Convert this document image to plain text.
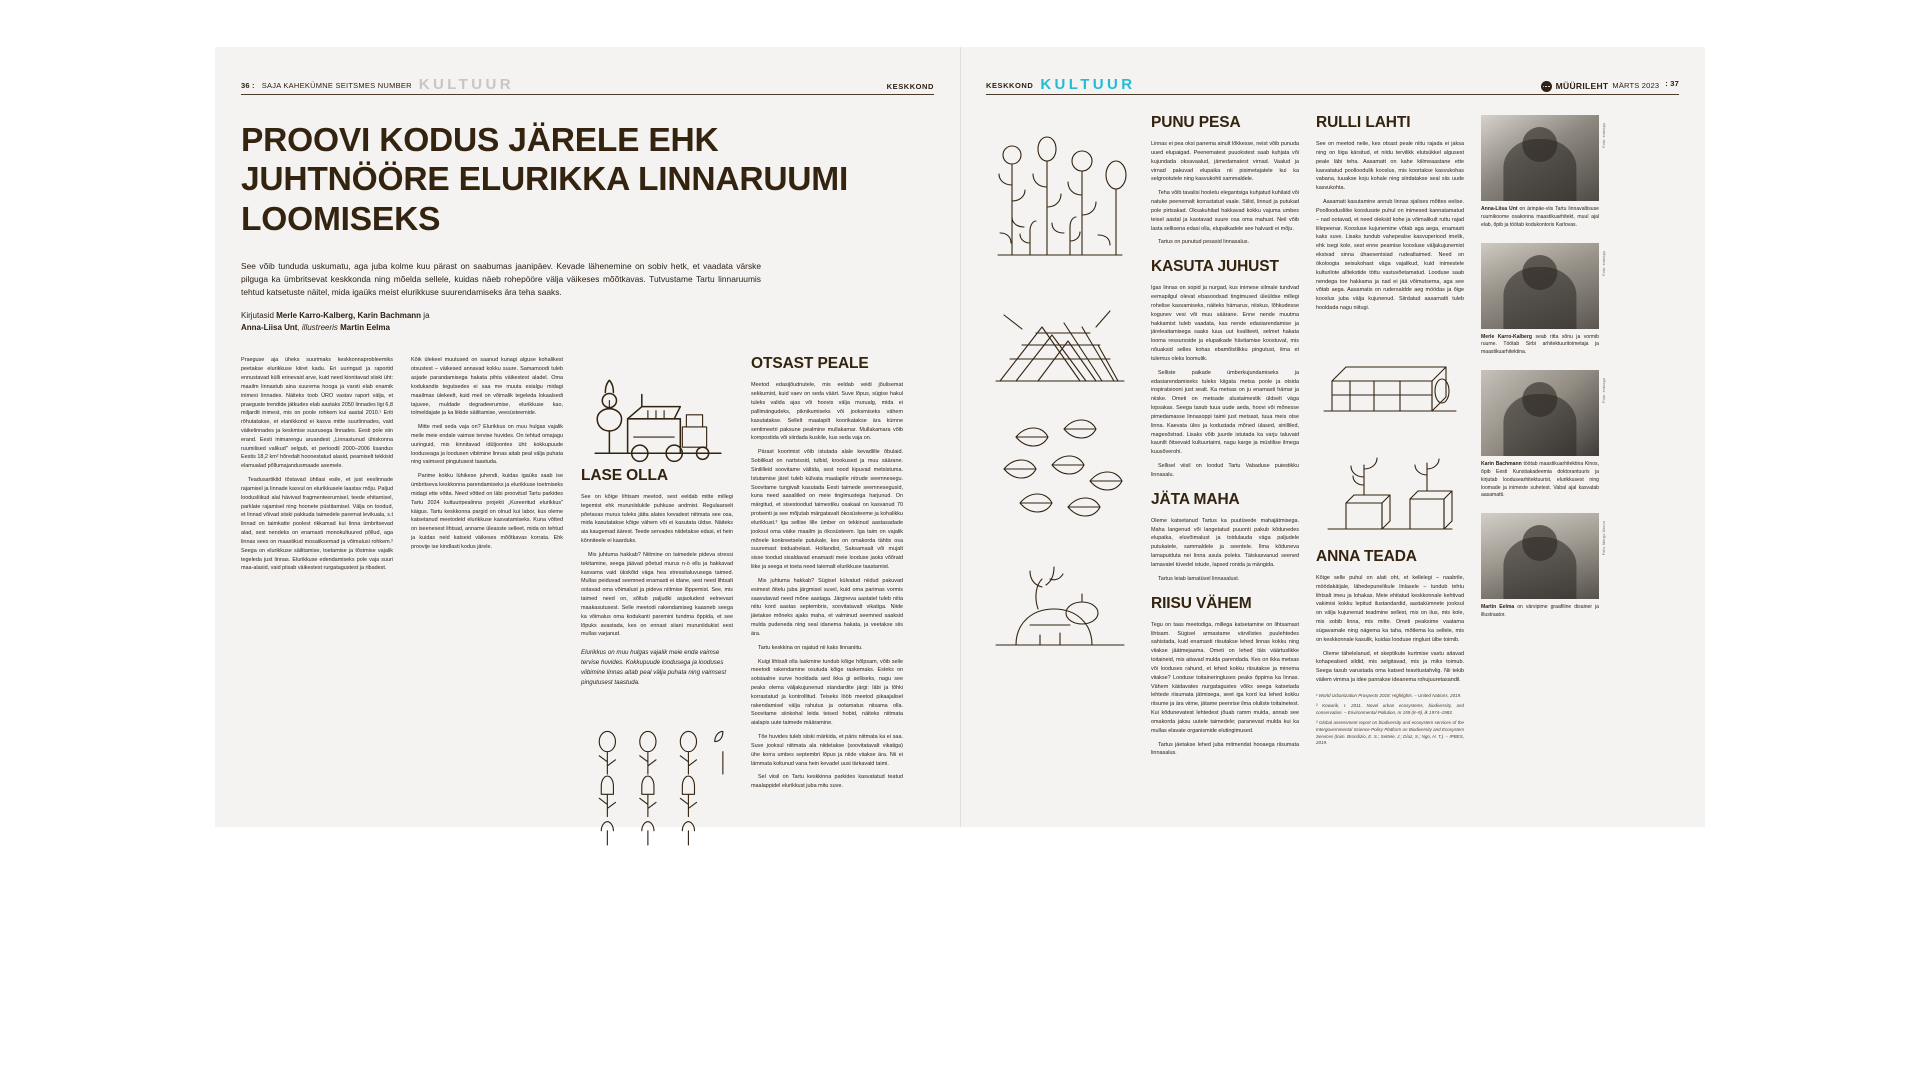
36 : SAJA KAHEKÜMNE SEITSMES NUMBER KULTUUR	KESKKOND
PROOVI KODUS JÄRELE EHK JUHTNÖÖRE ELURIKKA LINNARUUMI LOOMISEKS

See võib tunduda uskumatu, aga juba kolme kuu pärast on saabumas jaanipäev. Kevade lähenemine on sobiv hetk, et vaadata värske pilguga ka ümbritsevat keskkonda ning mõelda sellele, kuidas näeb rohepööre välja väikeses mõõtkavas. Tutvustame Tartu linnaruumis tehtud katsetuste näitel, mida igaüks meist elurikkuse suurendamiseks ära teha saaks.

Kirjutasid Merle Karro-Kalberg, Karin Bachmann ja
Anna-Liisa Unt, illustreeris Martin Eelma

Praeguse aja üheks suurimaks keskkonnaprobleemiks peetakse elurikkuse kiiret kadu. Eri uuringud ja raportid ennustavad külli erinevaid arve, kuid need kinnitavad siiski üht: maailm linnastub aina suurema hooga ja varsti elab enamik inimesi linnades. Näiteks toob ÜRO vastav raport välja, et praeguste trendide jätkudes elab aastaks 2050 linnades ligi 6,8 miljardit inimest, mis on poole rohkem kui aastal 2010.¹ Eriti rõhutatakse, et elanikkond ei kasva mitte suurlinnades, vaid väikelinnades ja keskmise suurusega linnades. Eesti pole siin erand. Eesti inimarengu aruandest „Linnastunud ühiskonna ruumilised valikud" selgub, et perioodil 2000–2006 lisandus Eestis 18,2 km² hõredalt hoonestatud alasid, peamiselt tekkisid elamualad põllumajandusmaade asemele.

Teadusartiklid tõstavad ühtlasi esile, et just eeslinnade rajamisel ja linnade kasvul on elurikkusele laastav mõju. Paljud loodusliikud alal hävivad fragmenteerumisel, teede ehitamisel, parklate rajamisel ning hoonete püstitamisel. Välja on toodud, et linnad võivad siiski pakkuda taimedele paremat levikuala, s.t linnad on taimkatte poolest rikkamad kui linna ümbritsevad alad, sest nendeks on enamasti monokultuured põllud, aga linnas sees on maastikud mosaiiksemad ja võimalusi rohkem.² Seega on elurikkuse säilitamise, toetamise ja tõstmise vajalik tegeleda just linnas. Elurikkuse edendamiseks pole vaja suuri maa-alasid, vaid piisab väikestest rurgatagustest ja ribadest.

Kõik ülekeel muutused on saanud kunagi alguse kohalikest otsustest – väikesed annavad kokku suure. Samamoodi tuleb asjade parandamisega hakata pihta väikestest aladel. Oma kodukandis tegutsedes ei saa me muuta esialgu midagi maailmas ülekeelt, kuid meil on võimalik tegeleda lokaalsedi tajuvee, muldade degradeerumise, elurikkuse kao, tolmeldajate ja ka liikide säilitamise, veesüsteemide.

Mitte meil seda vaja on? Elurikkus on muu hulgas vajalik meile meie endale vaimse tervise huvides. On tehtud omajagu uuringuid, mis kinnitavad idüljoontes üht: kokkupuude looduseaga ja loodusen vibiimine linnas aitab peal välja puhata ning vaimsest pingutusest taastuda.

Parime kokku lühikese juhendi, kuidas igaüks saab ise ümbritseva keskkonna parendamiseks ja elurikkuse toetmiseks midagi ette võtta. Need võtted on läbi proovitud Tartu parkides Tartu 2024 kultuuripealinna projekti „Kureeritud elurikkus" käigus. Tartu keskkonna pargid on olnud kui labor, kus oleme katsetanud meetodeid elurikkuse kasvatamiseks. Kuna võtted on iseenesest lihtsad, anname üleasste selleet, mida on tehtud ja kuidas neid katseid väikeses mõõtkavas korrata. Ehk proovije ise kindlasti kodus järele.

LASE OLLA

See on kõige lihtsam meetod, sest eeldab mitte millegi tegemist ehk muruniidukile puhkuse andmist. Regulaarselt põetavas murus tuleks jätta alates kevadest niitmata see osa, mida kasutatakse kõige vähem või ei kasutata üldse. Näiteks aia kaugemad äärest. Teede servades niidetakse edasi, et hein kõnniteele ei kaarduks.

Mis juhtuma hakkab? Niitmine on taimedele pideva stressi tekitamine, seega jäävad põetud murus n-ö ellu ja hakkavad kasvama vaid ükskõid väga hea stressitaluvusega taimed. Mullas peiduvad seemned enamasti ei idane, sest need lihtsalt ootavad oma võimalust ja pideva niitmise lõppemist. See, mis taimed need on, sõltub paljudki asjaoludest eelnevast maakasutusest. Selle meetodi rakendamiseg kaasneb seega ka võimalus oma kodukanti paremini tundma õppida, et see lõpuks avastada, kes on ennast siiani muruniidukist eest mullas varjanud.

Elurikkus on muu hulgas vajalik meie enda vaimse tervise huvides. Kokkupuude loodusega ja looduses viibimine linnas aitab peal välja puhata ning vaimsest pingutusest taastuda.

OTSAST PEALE

Meetod edasijõudnutele, mis eeldab veidi jõulisemat sekkumist, kuid vaev on seda väärt. Suve lõpus, sügise hakul tuleks valida ajas või hoovis välja murualg, mida ei pallimängudeks, piknikumiseks või jooksmiseks vähem kasutatakse. Sellelt maalapilt koorikatakse ära kümne sentimeetri paksune pealmine mullakamar. Mullakamara võib kompostida või siirdada kuskile, kus seda vaja on.

Pärast koorimist võib istutada alale kevadlille õbulaid. Sobilikud on nartsissid, tulbid, krookused ja muu säärane. Sinililleid soovitame vältida, sest nood kipuvad metsistuma. Istutamise järel tuleb külvata maalapile nitrude seemnesegu. Soovitame tungivalt kasutada Eesti taimede seemnesegusid, kuna need aasaliiled on meie tingimustega harjunud. On märgitud, et sisestoodud taimestiku osakaal on kasvanud 70 protsenti ja see mõjutab märgatavalt ökosüsteeme ja kohalikku elurikkust.³ Iga sellise lille ümber on tekkinud aastasadade jooksul oma väike maailm ja ökosüsteem. Iga taim on vajalik mõnele konkreetsele putukale, kes on omakorda tähtis osa suuremast toiduahelast. Hollandist, Saksamaalt või mujalt sisse toodud sisaldavad enamasti meie looduse jaoks võõraid liike ja seega ei toeta need laiemalt elurikkuse taastamist.

Mis juhtuma hakkab? Sügisel külvatud niidud pakuvad esimest õitelu juba järgmisel suvel, kuid oma parimas vormis saavutavad need mõne aastaga. Järgneva aastatel tuleb niita niitu kord aastas septembris, soovitatavalt vikatiga. Niide jäetakse mõneks ajaks maha, et valminud seemned saaksid mulda pudeneda ning seal idanema hakata, ja veetakse siis ära.

Tartu keskkina on rajatud nii kaks linnaniitu.

Kuigi lihtsalt olla laskmine tundub kõige hõlpsam, võib selle meetodi rakendamine osutuda kõige raskemaks. Esteks on sotsiaalne surve hooldada aed ikka gi selliseks, nagu see peaks olema väljakujunenud standardite järgi: läbi ja lõhki korrastatud ja kontrollitud. Teiseks lööb meetod pikaajalisel rakendamisel välja rahutus ja ootamatus niisama olla. Soovitame siinkohal leida teised hobid, näiteks niitmata aialapis uute taimede määramine.

Tõe huvides tuleb siiski märkida, et päris niitmata ka ei saa. Suve jooksul niitmata ala niidetakse (soovitatavalt vikatiga) ühe korra umbes septembri lõpus ja niide viiakse ära. Nii ei lämmata koltunud vana hein kevadel uusi tärkavaid taimi.

Sel viisil on Tartu keskkinna parkides kasvatatud teatud maalappidel elurikkust juba mitu suve.

KESKKOND KULTUUR	MÜÜRILEHT MÄRTS 2023 : 37
PUNU PESA

Linnas ei pea oksi panema ainult lõkkesse, neist võib punuda uued elupaigad. Peenematest puuokstest saab kuhjata või kujundada oksavaalud, jämedamatest virnad. Vaalud ja virnad pakuvad elupaika nii pisimetajatele kui ka selgrootutele ning kasvukohti sammaldele.

Teha võib tavalisi hooletu elegantsiga kuhjatud kuhilaid või natuke peenemalt korrastatud vaale. Siilid, linnud ja putukad pole pirtsakad. Oksakuhilad hakkavad kokku vajuma umbes teisel aastal ja kaotavad suure osa oma mahust. Neil võib lasta sellisena edasi olla, elupaikadele see halvasti ei mõju.

Tartus on punutud pesasid linnasalus.

KASUTA JUHUST

Igas linnas on sopid ja nurgad, kus inimese silmale tundvad eemapilgul olevat ebasoodsad tingimused üleüldse millegi rohelise kasvamiseks, näiteks hämarus, niiskus, lõhkudesse kogunev vesi või muu säärane. Enne nende muutma hakkamist tuleb vaadata, kas nende edasiarendamise ja järeleaitamisega saaks luua uut kvaliteeti, selmet hakata looma ressursside ja elupaikade hävitamise koostuvat, mis nõuaksid selles kohas ebamõistlikku pingutust, ilma et tulemus oleks loomulik.

Selliste paikade ümberkujundamiseks ja edasiarendamiseks tuleks kiigata metsa poole ja otsida inspiratsiooni just sealt. Ka metsas on ju enamasti hämar ja niiske. Ometi on metsade alustaimestik üldselt väga lopsakas. Seega tasub tuua uude aeda, hoovi või mõnesse pimedamasse linnasoppi taimi just metsast, tuua meis otse linna. Kaevata üles ja kodustada mõned ülased, sinilliled, magesõstrad. Lisaks võib juurde istutada ka varju taluvaid kaunilt õitsevaid kultuurtaimi, nagu karge ja müstilise ilmega kuusõverohi.

Sellisel viisil on loodud Tartu Vabaduse puiestikku linnasalu.

JÄTA MAHA

Oleme katsetanud Tartus ka puutüvede mahajätmisega. Maha langenud või langetatud puuonti pakub kõdunedes elupaika, eluvõimalust ja toidulauda väga paljudele putukatele, sammaldele ja seentele. Ilma kõduneva lamapuiduta nei linna asula poleks. Täiskasvanud seened lamavatel tüvedel istude, lapsed ronida ja mängida.

Tartus leiab lamatüvel linnasalust.

RIISU VÄHEM

Tegu on taas meetodiga, millega katsetamine on lihtsamast lihtsam. Sügisel armastame värvilistes puulehtedes sahistada, kuid enamasti riisutakse lehed linnas kokku ning viiakse jäätmejaama. Ometi on lehed täis väärtuslikke toitaineid, mis aitavad mulda parendada. Kes on ikka metsas või looduses rahund, et lehed kokku riisutakse ja minema viiakse? Looduse toitaineringluses peaks õppima ka linnas. Vähem käidavates nurgatagustes võiks seega katsetada lehtede riisumata jätmisega, seet iga kord kui lehed kokku riisume ja ära viime, jätame peenrise ilma oluliste toitainetest. Kui kõdunevatest lehtedest jõuab ramm mulda, annab see omakorda jaksu uutele taimedele; paranevad mulda kui ka mullas elavate organismide elutingimused.

Tartus jäetakse lehed juba mitmendat hooaega riisumata linnasalus.

RULLI LAHTI

See on meetod neile, kes otsast peale niitu rajada ei jaksa ning on liiga kärsitud, et niidu tervilikk elutsükkel algusest peale läbi teha. Aasamatt on kahe kiilmeaastane ette kasvatatud poolloodulik kooslus, mis koortakse kasvukohas vabana, tuuakse koju kohale ning siirdatakse seal siis uude kasvukohta.

Aasamati kasutamine annub linnas sjalises mõttes eelise. Poolloodusliike kooslusste puhul on inimesed kannatamatud – nad ootavad, et need oleksid kohe ja võimalikult ruttu rajad lillepeenar. Koosluse kujunemine võtab aga aega, enamasti kaks suve. Lisaks tundub vahepealse kasvuperiood imelik, ehk isegi kole, sest enne peamise koosluse väljakujunemist eksivad sinna ühaesentsiad rudealtaimed. Need on ökoloogia seisukohast väga vajalikud, kuid inimestele kulturilote alltekstide töttu vastuvõetamatud. Looduse saab nendega toe hakkama ja nad ei jää võimutsema, aga see võtab aega. Aasamatis on rudersaldde aeg möödas ja õige kooslus juba välja kujunenud. Siirdatud aasamatti tuleb hooldada nagu niitugi.

ANNA TEADA

Kõige selle puhul on alati oht, et kellelegi – naabrile, möödakäijale, lähedepunelikule linlasele – tundub tehtu lihtsalt imeu ja lohakas. Meie ehitatud keskkonnale kehtivad vakimisi kokku lepitud ilustandardid, aastakümnete jooksul on välja kujunenud teadmine sellest, mis on ilus, mis kole, mis sobib linna, mis mitte. Ometi peaksime vaatama sügavamale ning nägema ka taha, mõtlema ka sellele, mis on keskkonnale kasulik, kuidas looduse ringlust ülbe toimib.

Oleme tähelelanud, et skeptikute kurtmise vastu aitavad kohapealsed sildid, mis selgitavad, mis ja miks toimub. Seega tasub varustada oma katsed teavitustahvlig. Nii tekib väilem vimma ja idee panrakse ideanema rohujuuretasandil.

¹ World Urbanization Prospects 2018: Highlights. – United Nations, 2019.

² Kowarik, I. 2011. Novel urban ecosystems, biodiversity, and conservation. – Environmental Pollution, nr 159 (8–9), lk 1974–1983.

³ Global assessment report on biodiversity and ecosystem services of the Intergovernmental Science-Policy Platform on Biodiversity and Ecosystem Services (toim. Brondizio, E. S.; Settele, J.; Díaz, S.; Ngo, H. T.). – IPBES, 2019.

Foto: erakogu

Anna-Liisa Unt on ärinpäe-viis Tartu linnavaltisuse ruumikoome osakonna maastikuarhitekt, muul ajal elab, õpib ja töötab kodukontoris Karlovas.

Foto: erakogu

Merle Karro-Kalberg seab ritta sõnu ja vormib ruume. Töötab Sirbi arhitektuuritoimetaja ja maastikuarhitektina.

Foto: erakogu

Karin Bachmann töötab maastikuarhitektina Kinos, õpib Eesti Kunstiakadeemia doktorantuuris ja kirjutab loodusearhitektuurist, elurikkusest ning loomade ja inimeste suhetest. Vabal ajal kasvatab aasamatti.

Foto: Margo Ukonu

Martin Eelma on värvipime graafiline disainer ja illustraator.
